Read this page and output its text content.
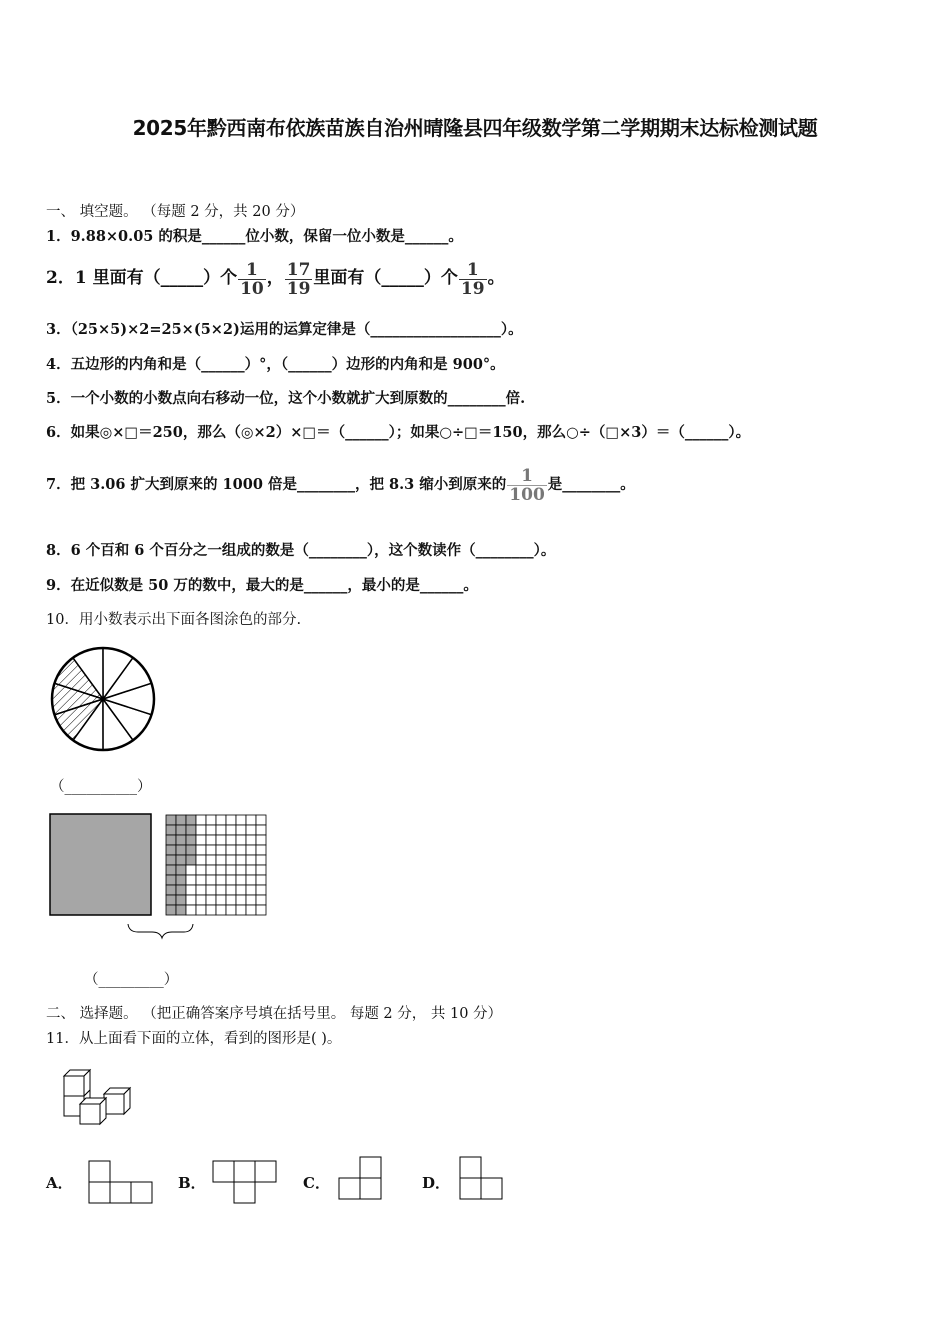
2025年黔西南布依族苗族自治州晴隆县四年级数学第二学期期末达标检测试题
一、 填空题。 （每题 2 分，共 20 分）
1．9.88×0.05 的积是______位小数，保留一位小数是______。
2．1 里面有（_____）个 $\frac{1}{10}$ ， $\frac{17}{19}$ 里面有（_____）个 $\frac{1}{19}$ 。
3．（25×5)×2=25×(5×2)运用的运算定律是（__________________）。
4．五边形的内角和是（______）°，（______）边形的内角和是 900°。
5．一个小数的小数点向右移动一位，这个小数就扩大到原数的________倍.
6．如果◎×□＝250，那么（◎×2）×□＝（______）；如果○÷□＝150，那么○÷（□×3）＝（______）。
7．把 3.06 扩大到原来的 1000 倍是________，把 8.3 缩小到原来的 $\frac{1}{100}$ 是________。
8．6 个百和 6 个百分之一组成的数是（________），这个数读作（________）。
9．在近似数是 50 万的数中，最大的是______，最小的是______。
10．用小数表示出下面各图涂色的部分.
（__________）
（_________）
二、 选择题。 （把正确答案序号填在括号里。 每题 2 分， 共 10 分）
11．从上面看下面的立体，看到的图形是( )。
A．	B．	C．	D．
